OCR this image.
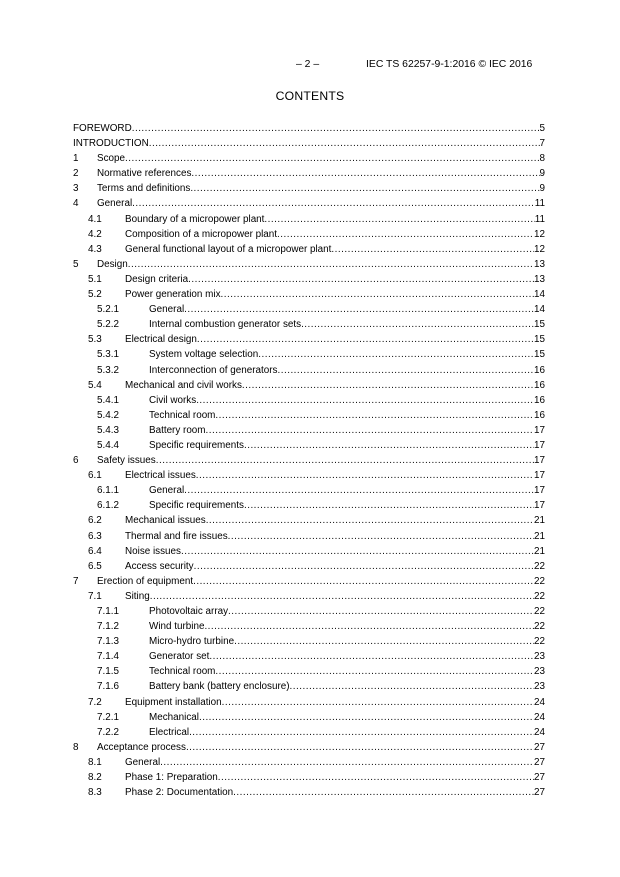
– 2 –	IEC TS 62257-9-1:2016 © IEC 2016
CONTENTS
FOREWORD .....	5
INTRODUCTION .....	7
1	Scope .....	8
2	Normative references .....	9
3	Terms and definitions .....	9
4	General .....	11
4.1	Boundary of a micropower plant .....	11
4.2	Composition of a micropower plant .....	12
4.3	General functional layout of a micropower plant .....	12
5	Design .....	13
5.1	Design criteria .....	13
5.2	Power generation mix .....	14
5.2.1	General .....	14
5.2.2	Internal combustion generator sets .....	15
5.3	Electrical design .....	15
5.3.1	System voltage selection .....	15
5.3.2	Interconnection of generators .....	16
5.4	Mechanical and civil works .....	16
5.4.1	Civil works .....	16
5.4.2	Technical room .....	16
5.4.3	Battery room .....	17
5.4.4	Specific requirements .....	17
6	Safety issues .....	17
6.1	Electrical issues .....	17
6.1.1	General .....	17
6.1.2	Specific requirements .....	17
6.2	Mechanical issues .....	21
6.3	Thermal and fire issues .....	21
6.4	Noise issues .....	21
6.5	Access security .....	22
7	Erection of equipment .....	22
7.1	Siting .....	22
7.1.1	Photovoltaic array .....	22
7.1.2	Wind turbine .....	22
7.1.3	Micro-hydro turbine .....	22
7.1.4	Generator set .....	23
7.1.5	Technical room .....	23
7.1.6	Battery bank (battery enclosure) .....	23
7.2	Equipment installation .....	24
7.2.1	Mechanical .....	24
7.2.2	Electrical .....	24
8	Acceptance process .....	27
8.1	General .....	27
8.2	Phase 1: Preparation .....	27
8.3	Phase 2: Documentation .....	27
